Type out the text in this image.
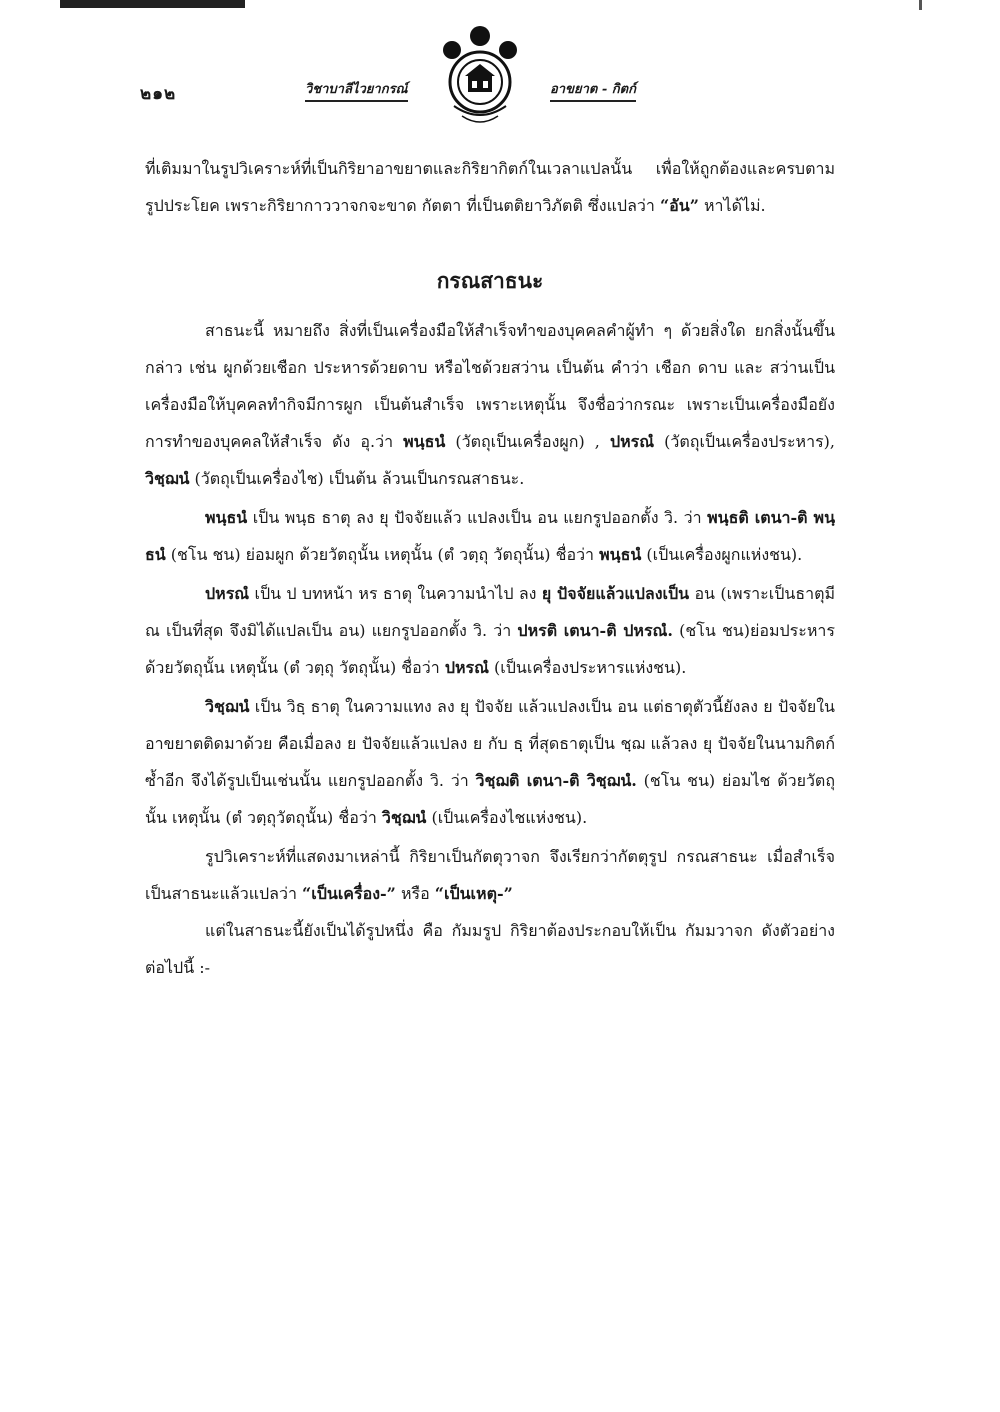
๒๑๒	วิชาบาลีไวยากรณ์	อาขยาต - กิตก์

ที่เติมมาในรูปวิเคราะห์ที่เป็นกิริยาอาขยาตและกิริยากิตก์ในเวลาแปลนั้น เพื่อให้ถูกต้องและครบตามรูปประโยค เพราะกิริยากาววาจกจะขาด กัตตา ที่เป็นตติยาวิภัตติ ซึ่งแปลว่า “อัน” หาได้ไม่.

กรณสาธนะ

สาธนะนี้ หมายถึง สิ่งที่เป็นเครื่องมือให้สำเร็จทำของบุคคลคำผู้ทำ ๆ ด้วยสิ่งใด ยกสิ่งนั้นขึ้นกล่าว เช่น ผูกด้วยเชือก ประหารด้วยดาบ หรือไชด้วยสว่าน เป็นต้น คำว่า เชือก ดาบ และ สว่านเป็นเครื่องมือให้บุคคลทำกิจมีการผูก เป็นต้นสำเร็จ เพราะเหตุนั้น จึงชื่อว่ากรณะ เพราะเป็นเครื่องมือยังการทำของบุคคลให้สำเร็จ ดัง อุ.ว่า พนฺธนํ (วัตถุเป็นเครื่องผูก) , ปหรณํ (วัตถุเป็นเครื่องประหาร), วิชฺฌนํ (วัตถุเป็นเครื่องไช) เป็นต้น ล้วนเป็นกรณสาธนะ.

พนฺธนํ เป็น พนฺธ ธาตุ ลง ยุ ปัจจัยแล้ว แปลงเป็น อน แยกรูปออกตั้ง วิ. ว่า พนฺธติ เตนา-ติ พนฺธนํ (ชโน ชน) ย่อมผูก ด้วยวัตถุนั้น เหตุนั้น (ตํ วตฺถุ วัตถุนั้น) ชื่อว่า พนฺธนํ (เป็นเครื่องผูกแห่งชน).

ปหรณํ เป็น ป บทหน้า หร ธาตุ ในความนำไป ลง ยุ ปัจจัยแล้วแปลงเป็น อน (เพราะเป็นธาตุมี ณ เป็นที่สุด จึงมิได้แปลเป็น อน) แยกรูปออกตั้ง วิ. ว่า ปหรติ เตนา-ติ ปหรณํ. (ชโน ชน)ย่อมประหาร ด้วยวัตถุนั้น เหตุนั้น (ตํ วตฺถุ วัตถุนั้น) ชื่อว่า ปหรณํ (เป็นเครื่องประหารแห่งชน).

วิชฺฌนํ เป็น วิธฺ ธาตุ ในความแทง ลง ยุ ปัจจัย แล้วแปลงเป็น อน แต่ธาตุตัวนี้ยังลง ย ปัจจัยในอาขยาตติดมาด้วย คือเมื่อลง ย ปัจจัยแล้วแปลง ย กับ ธฺ ที่สุดธาตุเป็น ชฺฌ แล้วลง ยุ ปัจจัยในนามกิตก์ซ้ำอีก จึงได้รูปเป็นเช่นนั้น แยกรูปออกตั้ง วิ. ว่า วิชฺฌติ เตนา-ติ วิชฺฌนํ. (ชโน ชน) ย่อมไช ด้วยวัตถุนั้น เหตุนั้น (ตํ วตฺถุวัตถุนั้น) ชื่อว่า วิชฺฌนํ (เป็นเครื่องไชแห่งชน).

รูปวิเคราะห์ที่แสดงมาเหล่านี้ กิริยาเป็นกัตตุวาจก จึงเรียกว่ากัตตุรูป กรณสาธนะ เมื่อสำเร็จเป็นสาธนะแล้วแปลว่า “เป็นเครื่อง-” หรือ “เป็นเหตุ-”

แต่ในสาธนะนี้ยังเป็นได้รูปหนึ่ง คือ กัมมรูป กิริยาต้องประกอบให้เป็น กัมมวาจก ดังตัวอย่างต่อไปนี้ :-
